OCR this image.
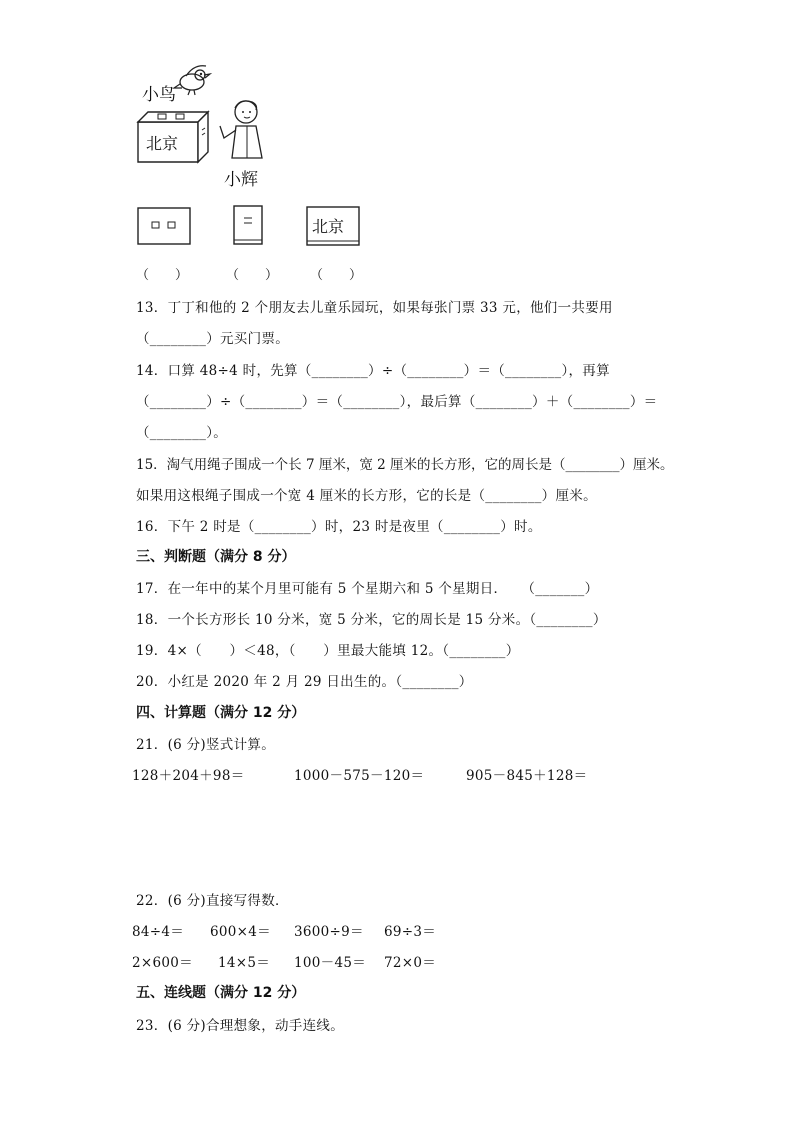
小鸟
北京
小辉
北京
（　　）	（　　） （　　）
13．丁丁和他的 2 个朋友去儿童乐园玩，如果每张门票 33 元，他们一共要用
（________）元买门票。
14．口算 48÷4 时，先算（________）÷（________）＝（________），再算
（________）÷（________）＝（________），最后算（________）＋（________）＝
（________）。
15．淘气用绳子围成一个长 7 厘米，宽 2 厘米的长方形，它的周长是（________）厘米。
如果用这根绳子围成一个宽 4 厘米的长方形，它的长是（________）厘米。
16．下午 2 时是（________）时，23 时是夜里（________）时。
三、判断题（满分 8 分）
17．在一年中的某个月里可能有 5 个星期六和 5 个星期日．　　（_______）
18．一个长方形长 10 分米，宽 5 分米，它的周长是 15 分米。（________）
19．4×（　　）＜48，（　　）里最大能填 12。（________）
20．小红是 2020 年 2 月 29 日出生的。（________）
四、计算题（满分 12 分）
21．(6 分)竖式计算。
128＋204＋98＝	1000－575－120＝	905－845＋128＝
22．(6 分)直接写得数．
84÷4＝ 600×4＝ 3600÷9＝ 69÷3＝
2×600＝ 14×5＝ 100－45＝ 72×0＝
五、连线题（满分 12 分）
23．(6 分)合理想象，动手连线。
